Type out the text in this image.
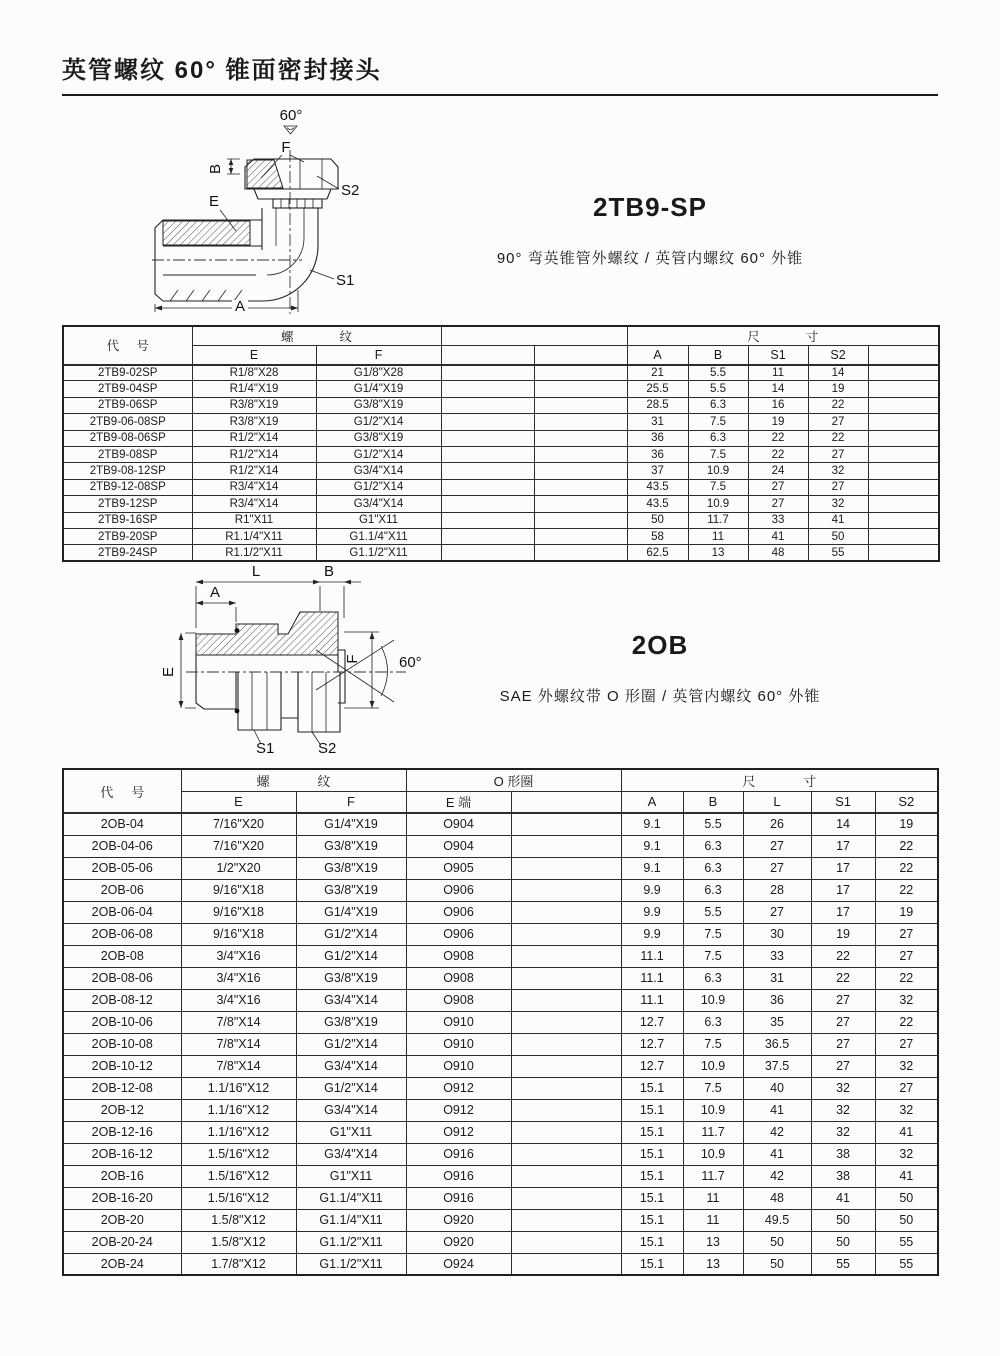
英管螺纹 60° 锥面密封接头
60°
F
B
E
S2
S1
A
2TB9-SP
90° 弯英锥管外螺纹 / 英管内螺纹 60° 外锥
代 号	螺 纹				尺 寸				
	E	F			A	B	S1	S2	
2TB9-02SP	R1/8"X28	G1/8"X28			21	5.5	11	14	
2TB9-04SP	R1/4"X19	G1/4"X19			25.5	5.5	14	19	
2TB9-06SP	R3/8"X19	G3/8"X19			28.5	6.3	16	22	
2TB9-06-08SP	R3/8"X19	G1/2"X14			31	7.5	19	27	
2TB9-08-06SP	R1/2"X14	G3/8"X19			36	6.3	22	22	
2TB9-08SP	R1/2"X14	G1/2"X14			36	7.5	22	27	
2TB9-08-12SP	R1/2"X14	G3/4"X14			37	10.9	24	32	
2TB9-12-08SP	R3/4"X14	G1/2"X14			43.5	7.5	27	27	
2TB9-12SP	R3/4"X14	G3/4"X14			43.5	10.9	27	32	
2TB9-16SP	R1"X11	G1"X11			50	11.7	33	41	
2TB9-20SP	R1.1/4"X11	G1.1/4"X11			58	11	41	50	
2TB9-24SP	R1.1/2"X11	G1.1/2"X11			62.5	13	48	55	
60°
F
L	B
A
E
S1	S2
2OB
SAE 外螺纹带 O 形圈 / 英管内螺纹 60° 外锥
代 号	螺 纹		O 形圈		尺 寸				
	E	F	E 端		A	B	L	S1	S2
2OB-04	7/16"X20	G1/4"X19	O904		9.1	5.5	26	14	19
2OB-04-06	7/16"X20	G3/8"X19	O904		9.1	6.3	27	17	22
2OB-05-06	1/2"X20	G3/8"X19	O905		9.1	6.3	27	17	22
2OB-06	9/16"X18	G3/8"X19	O906		9.9	6.3	28	17	22
2OB-06-04	9/16"X18	G1/4"X19	O906		9.9	5.5	27	17	19
2OB-06-08	9/16"X18	G1/2"X14	O906		9.9	7.5	30	19	27
2OB-08	3/4"X16	G1/2"X14	O908		11.1	7.5	33	22	27
2OB-08-06	3/4"X16	G3/8"X19	O908		11.1	6.3	31	22	22
2OB-08-12	3/4"X16	G3/4"X14	O908		11.1	10.9	36	27	32
2OB-10-06	7/8"X14	G3/8"X19	O910		12.7	6.3	35	27	22
2OB-10-08	7/8"X14	G1/2"X14	O910		12.7	7.5	36.5	27	27
2OB-10-12	7/8"X14	G3/4"X14	O910		12.7	10.9	37.5	27	32
2OB-12-08	1.1/16"X12	G1/2"X14	O912		15.1	7.5	40	32	27
2OB-12	1.1/16"X12	G3/4"X14	O912		15.1	10.9	41	32	32
2OB-12-16	1.1/16"X12	G1"X11	O912		15.1	11.7	42	32	41
2OB-16-12	1.5/16"X12	G3/4"X14	O916		15.1	10.9	41	38	32
2OB-16	1.5/16"X12	G1"X11	O916		15.1	11.7	42	38	41
2OB-16-20	1.5/16"X12	G1.1/4"X11	O916		15.1	11	48	41	50
2OB-20	1.5/8"X12	G1.1/4"X11	O920		15.1	11	49.5	50	50
2OB-20-24	1.5/8"X12	G1.1/2"X11	O920		15.1	13	50	50	55
2OB-24	1.7/8"X12	G1.1/2"X11	O924		15.1	13	50	55	55
